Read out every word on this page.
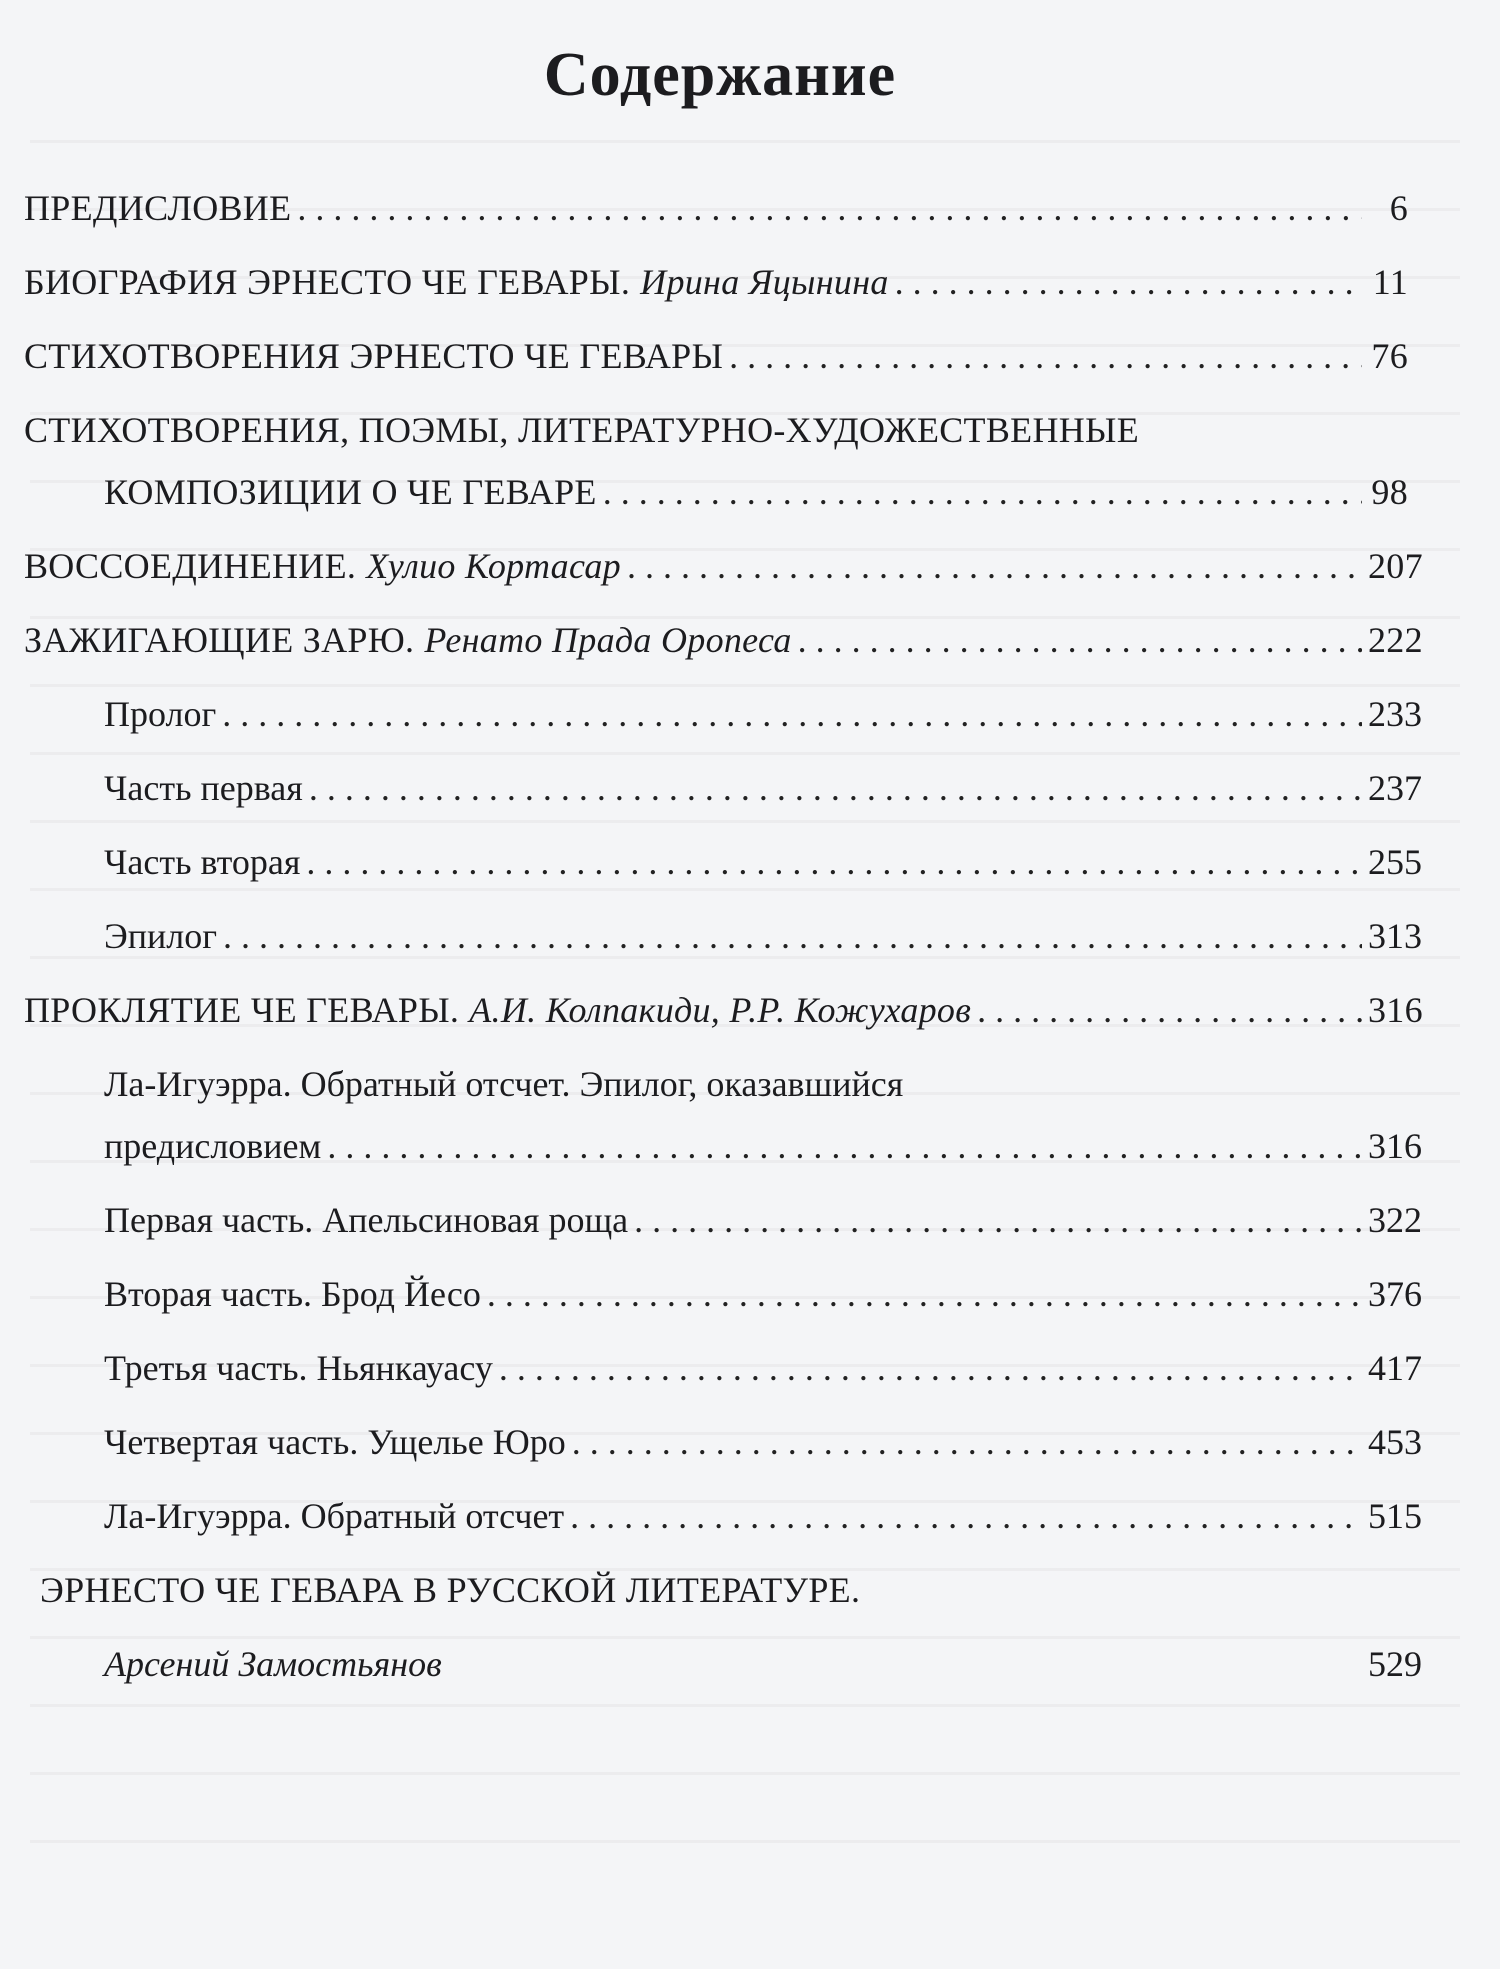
Содержание
ПРЕДИСЛОВИЕ . . .	6
БИОГРАФИЯ ЭРНЕСТО ЧЕ ГЕВАРЫ. Ирина Яцынина . . .	11
СТИХОТВОРЕНИЯ ЭРНЕСТО ЧЕ ГЕВАРЫ . . .	76
СТИХОТВОРЕНИЯ, ПОЭМЫ, ЛИТЕРАТУРНО-ХУДОЖЕСТВЕННЫЕ
КОМПОЗИЦИИ О ЧЕ ГЕВАРЕ . . .	98
ВОССОЕДИНЕНИЕ. Хулио Кортасар . . .	207
ЗАЖИГАЮЩИЕ ЗАРЮ. Ренато Прада Оропеса . . .	222
Пролог . . .	233
Часть первая . . .	237
Часть вторая . . .	255
Эпилог . . .	313
ПРОКЛЯТИЕ ЧЕ ГЕВАРЫ. А.И. Колпакиди, Р.Р. Кожухаров . . .	316
Ла-Игуэрра. Обратный отсчет. Эпилог, оказавшийся
предисловием . . .	316
Первая часть. Апельсиновая роща . . .	322
Вторая часть. Брод Йесо . . .	376
Третья часть. Ньянкауасу . . .	417
Четвертая часть. Ущелье Юро . . .	453
Ла-Игуэрра. Обратный отсчет . . .	515
ЭРНЕСТО ЧЕ ГЕВАРА В РУССКОЙ ЛИТЕРАТУРЕ.
Арсений Замостьянов	529
